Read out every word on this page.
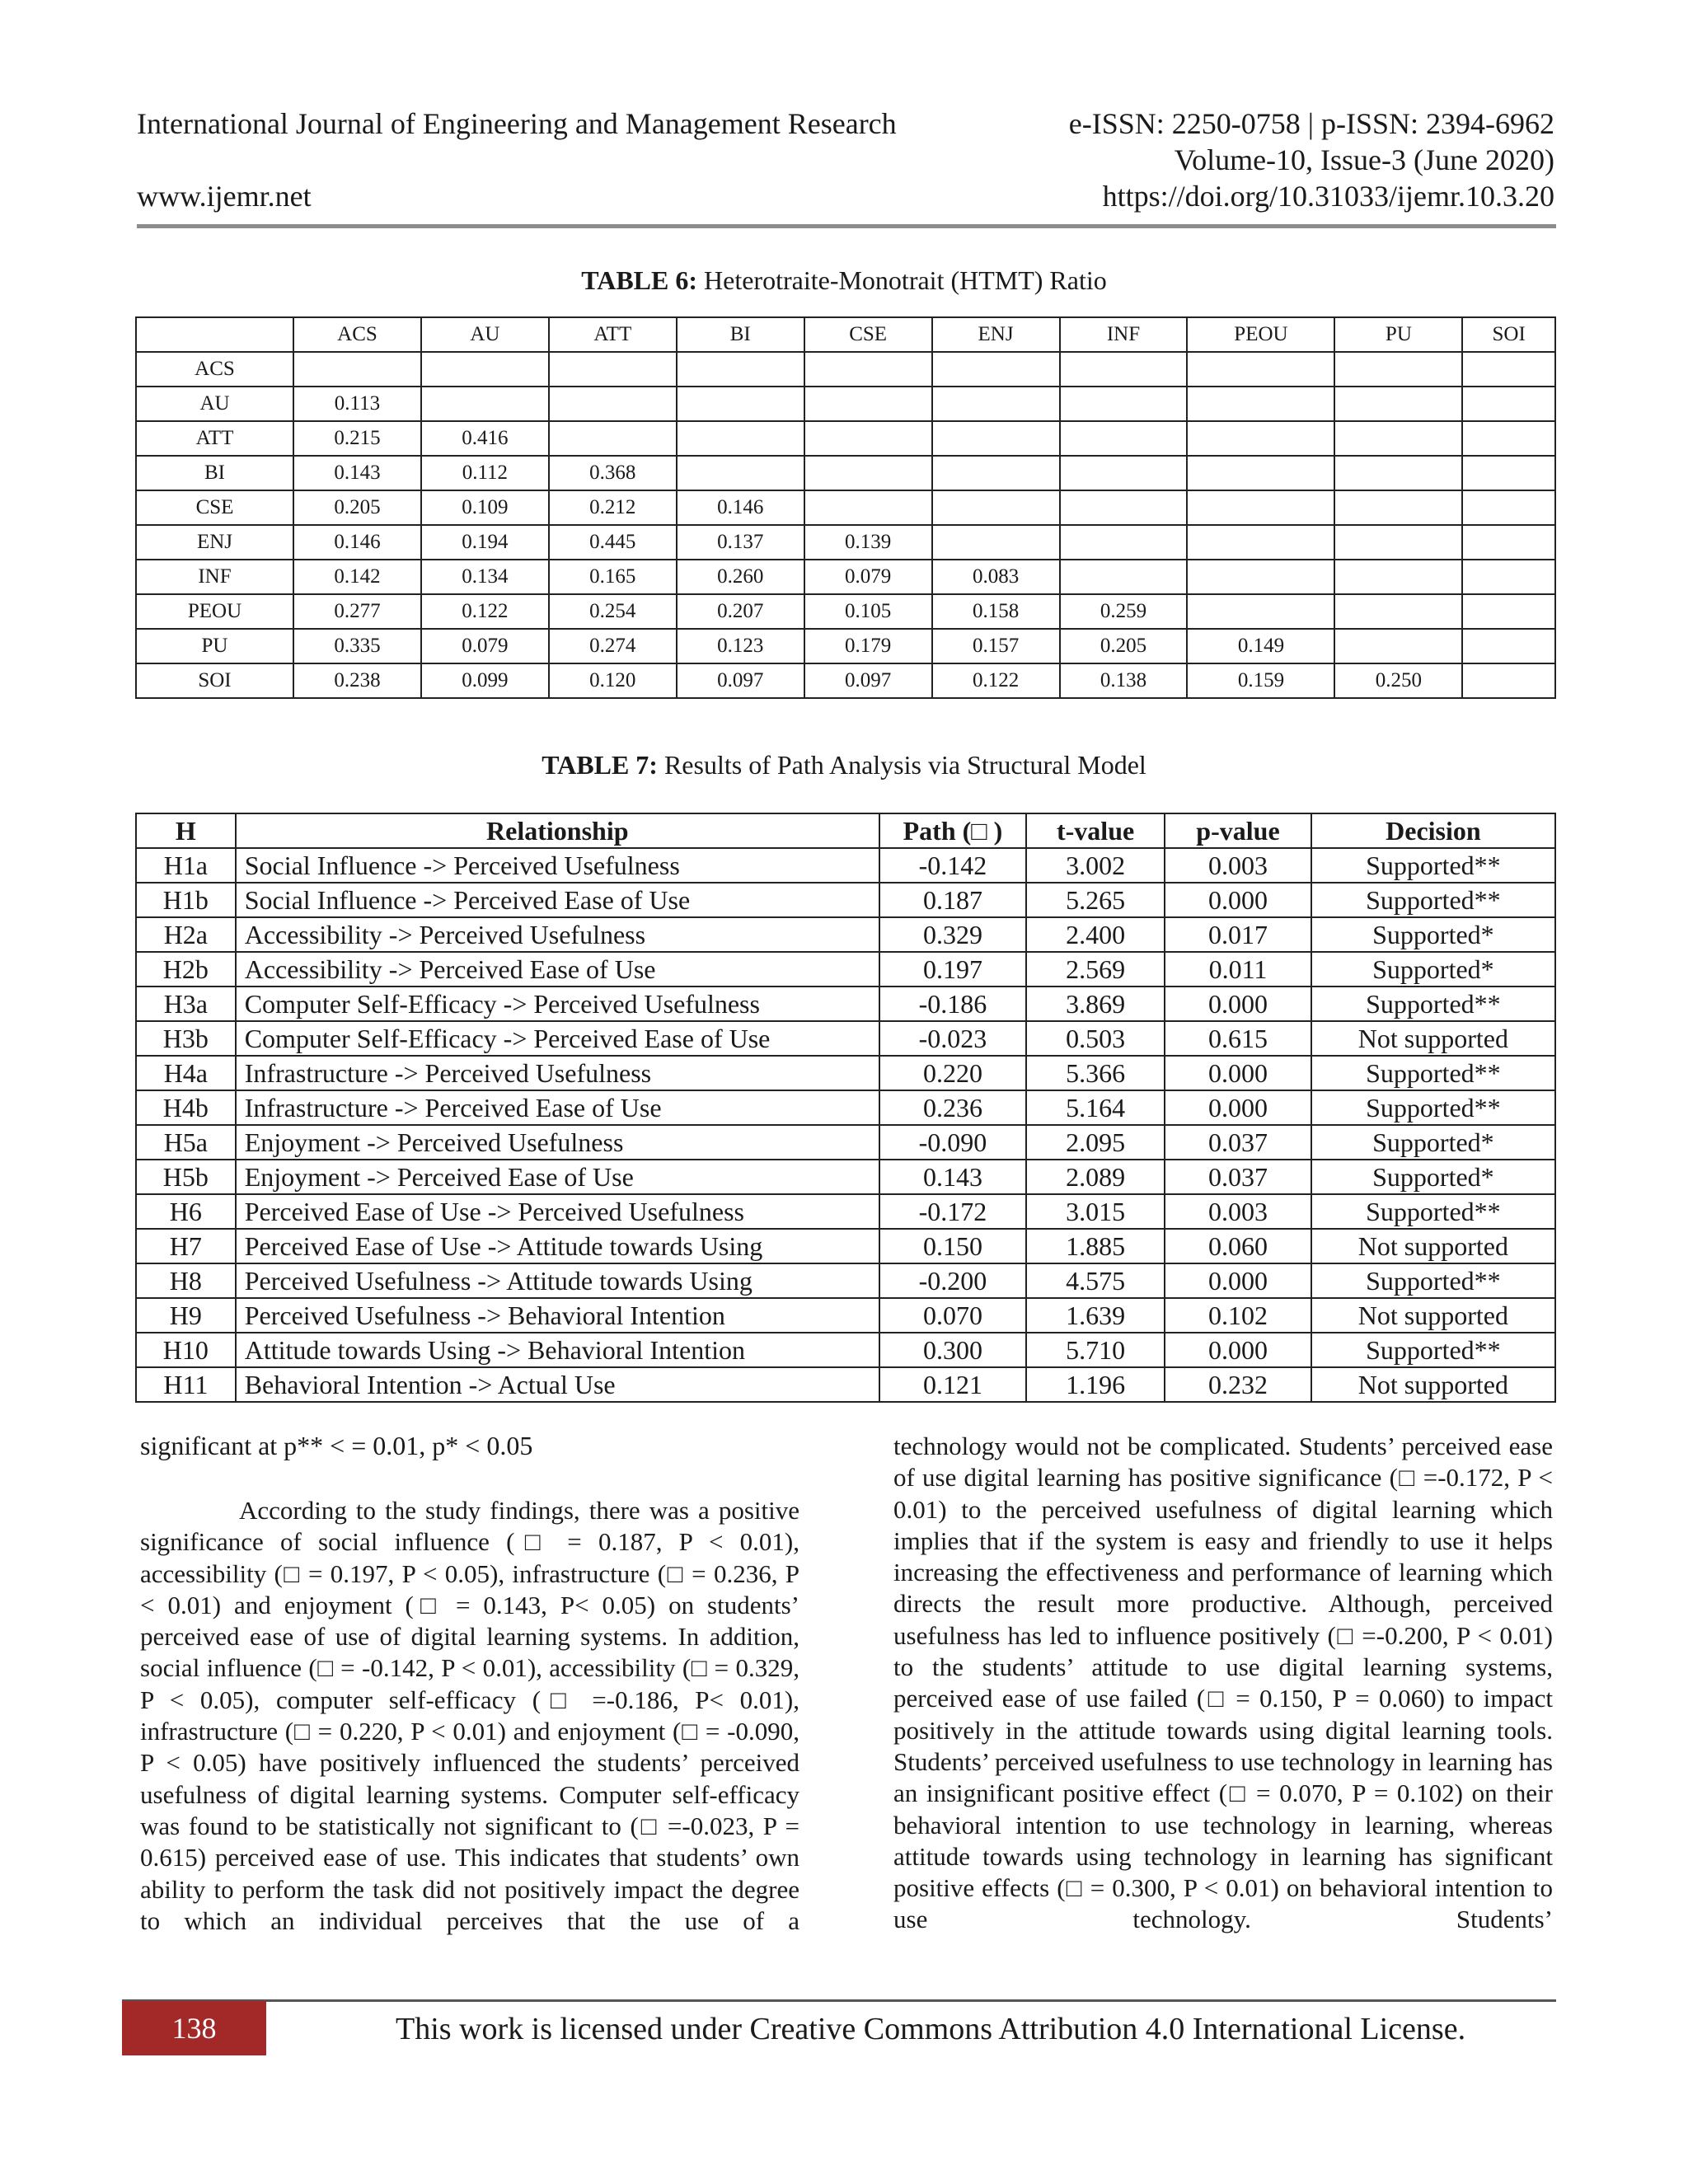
International Journal of Engineering and Management Research	e-ISSN: 2250-0758 | p-ISSN: 2394-6962
Volume-10, Issue-3 (June 2020)
www.ijemr.net	https://doi.org/10.31033/ijemr.10.3.20
TABLE 6: Heterotraite-Monotrait (HTMT) Ratio
	ACS	AU	ATT	BI	CSE	ENJ	INF	PEOU	PU	SOI
ACS										
AU	0.113									
ATT	0.215	0.416								
BI	0.143	0.112	0.368							
CSE	0.205	0.109	0.212	0.146						
ENJ	0.146	0.194	0.445	0.137	0.139					
INF	0.142	0.134	0.165	0.260	0.079	0.083				
PEOU	0.277	0.122	0.254	0.207	0.105	0.158	0.259			
PU	0.335	0.079	0.274	0.123	0.179	0.157	0.205	0.149		
SOI	0.238	0.099	0.120	0.097	0.097	0.122	0.138	0.159	0.250	
TABLE 7: Results of Path Analysis via Structural Model
H	Relationship	Path (□ )	t-value	p-value	Decision
H1a	Social Influence -> Perceived Usefulness	-0.142	3.002	0.003	Supported**
H1b	Social Influence -> Perceived Ease of Use	0.187	5.265	0.000	Supported**
H2a	Accessibility -> Perceived Usefulness	0.329	2.400	0.017	Supported*
H2b	Accessibility -> Perceived Ease of Use	0.197	2.569	0.011	Supported*
H3a	Computer Self-Efficacy -> Perceived Usefulness	-0.186	3.869	0.000	Supported**
H3b	Computer Self-Efficacy -> Perceived Ease of Use	-0.023	0.503	0.615	Not supported
H4a	Infrastructure -> Perceived Usefulness	0.220	5.366	0.000	Supported**
H4b	Infrastructure -> Perceived Ease of Use	0.236	5.164	0.000	Supported**
H5a	Enjoyment -> Perceived Usefulness	-0.090	2.095	0.037	Supported*
H5b	Enjoyment -> Perceived Ease of Use	0.143	2.089	0.037	Supported*
H6	Perceived Ease of Use -> Perceived Usefulness	-0.172	3.015	0.003	Supported**
H7	Perceived Ease of Use -> Attitude towards Using	0.150	1.885	0.060	Not supported
H8	Perceived Usefulness -> Attitude towards Using	-0.200	4.575	0.000	Supported**
H9	Perceived Usefulness -> Behavioral Intention	0.070	1.639	0.102	Not supported
H10	Attitude towards Using -> Behavioral Intention	0.300	5.710	0.000	Supported**
H11	Behavioral Intention -> Actual Use	0.121	1.196	0.232	Not supported
significant at p** < = 0.01, p* < 0.05

According to the study findings, there was a positive significance of social influence (□ = 0.187, P < 0.01), accessibility (□ = 0.197, P < 0.05), infrastructure (□ = 0.236, P < 0.01) and enjoyment (□ = 0.143, P< 0.05) on students’ perceived ease of use of digital learning systems. In addition, social influence (□ = -0.142, P < 0.01), accessibility (□ = 0.329, P < 0.05), computer self-efficacy (□ =-0.186, P< 0.01), infrastructure (□ = 0.220, P < 0.01) and enjoyment (□ = -0.090, P < 0.05) have positively influenced the students’ perceived usefulness of digital learning systems. Computer self-efficacy was found to be statistically not significant to (□ =-0.023, P = 0.615) perceived ease of use. This indicates that students’ own ability to perform the task did not positively impact the degree to which an individual perceives that the use of a

technology would not be complicated. Students’ perceived ease of use digital learning has positive significance (□ =-0.172, P < 0.01) to the perceived usefulness of digital learning which implies that if the system is easy and friendly to use it helps increasing the effectiveness and performance of learning which directs the result more productive. Although, perceived usefulness has led to influence positively (□ =-0.200, P < 0.01) to the students’ attitude to use digital learning systems, perceived ease of use failed (□ = 0.150, P = 0.060) to impact positively in the attitude towards using digital learning tools. Students’ perceived usefulness to use technology in learning has an insignificant positive effect (□ = 0.070, P = 0.102) on their behavioral intention to use technology in learning, whereas attitude towards using technology in learning has significant positive effects (□ = 0.300, P < 0.01) on behavioral intention to use technology. Students’

138	This work is licensed under Creative Commons Attribution 4.0 International License.
